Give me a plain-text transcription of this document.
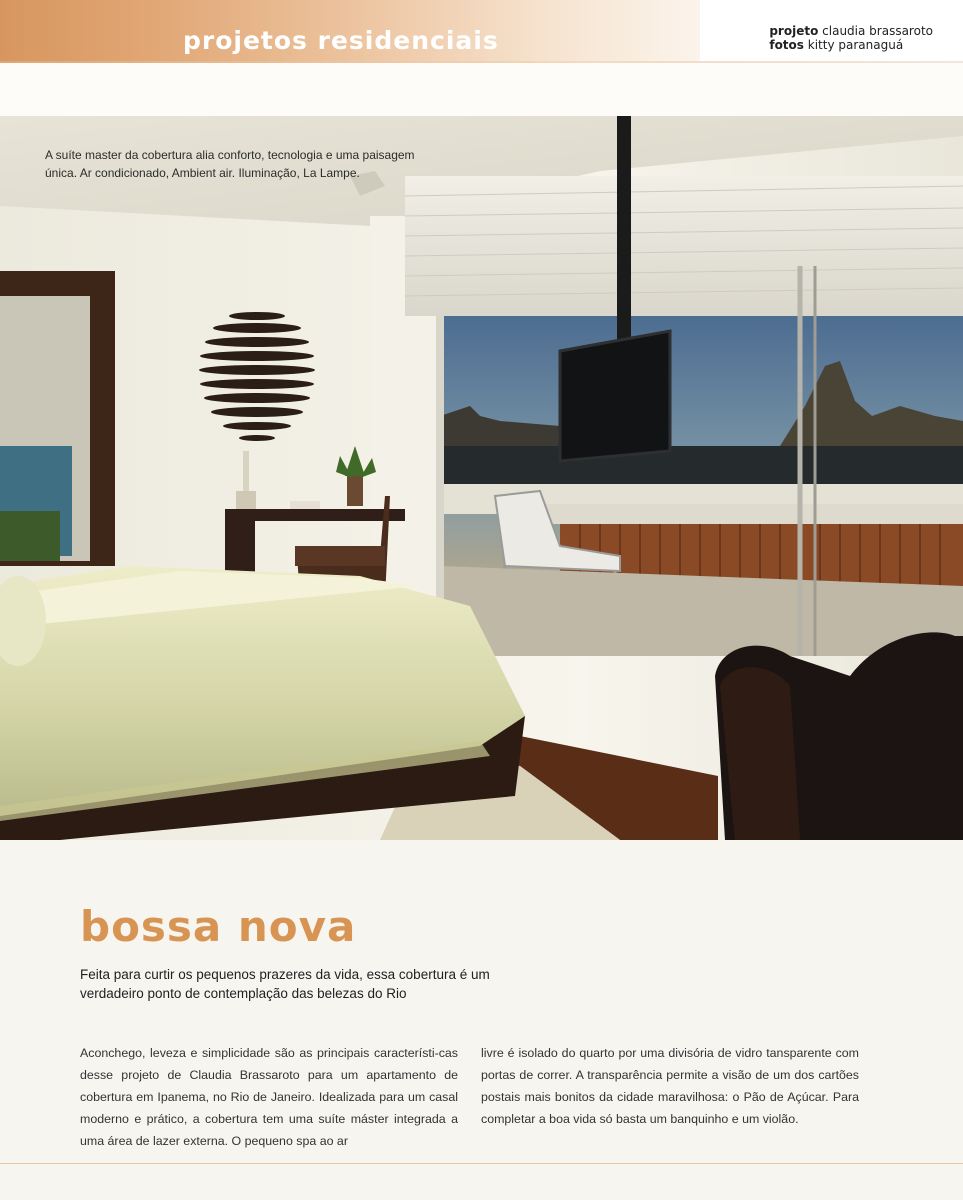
projetos residenciais	projeto claudia brassaroto
fotos kitty paranaguá
A suíte master da cobertura alia conforto, tecnologia e uma paisagem única. Ar condicionado, Ambient air. Iluminação, La Lampe.
bossa nova

Feita para curtir os pequenos prazeres da vida, essa cobertura é um verdadeiro ponto de contemplação das belezas do Rio

Aconchego, leveza e simplicidade são as principais característi-cas desse projeto de Claudia Brassaroto para um apartamento de cobertura em Ipanema, no Rio de Janeiro. Idealizada para um casal moderno e prático, a cobertura tem uma suíte máster integrada a uma área de lazer externa. O pequeno spa ao ar

livre é isolado do quarto por uma divisória de vidro tansparente com portas de correr. A transparência permite a visão de um dos cartões postais mais bonitos da cidade maravilhosa: o Pão de Açúcar. Para completar a boa vida só basta um banquinho e um violão.
